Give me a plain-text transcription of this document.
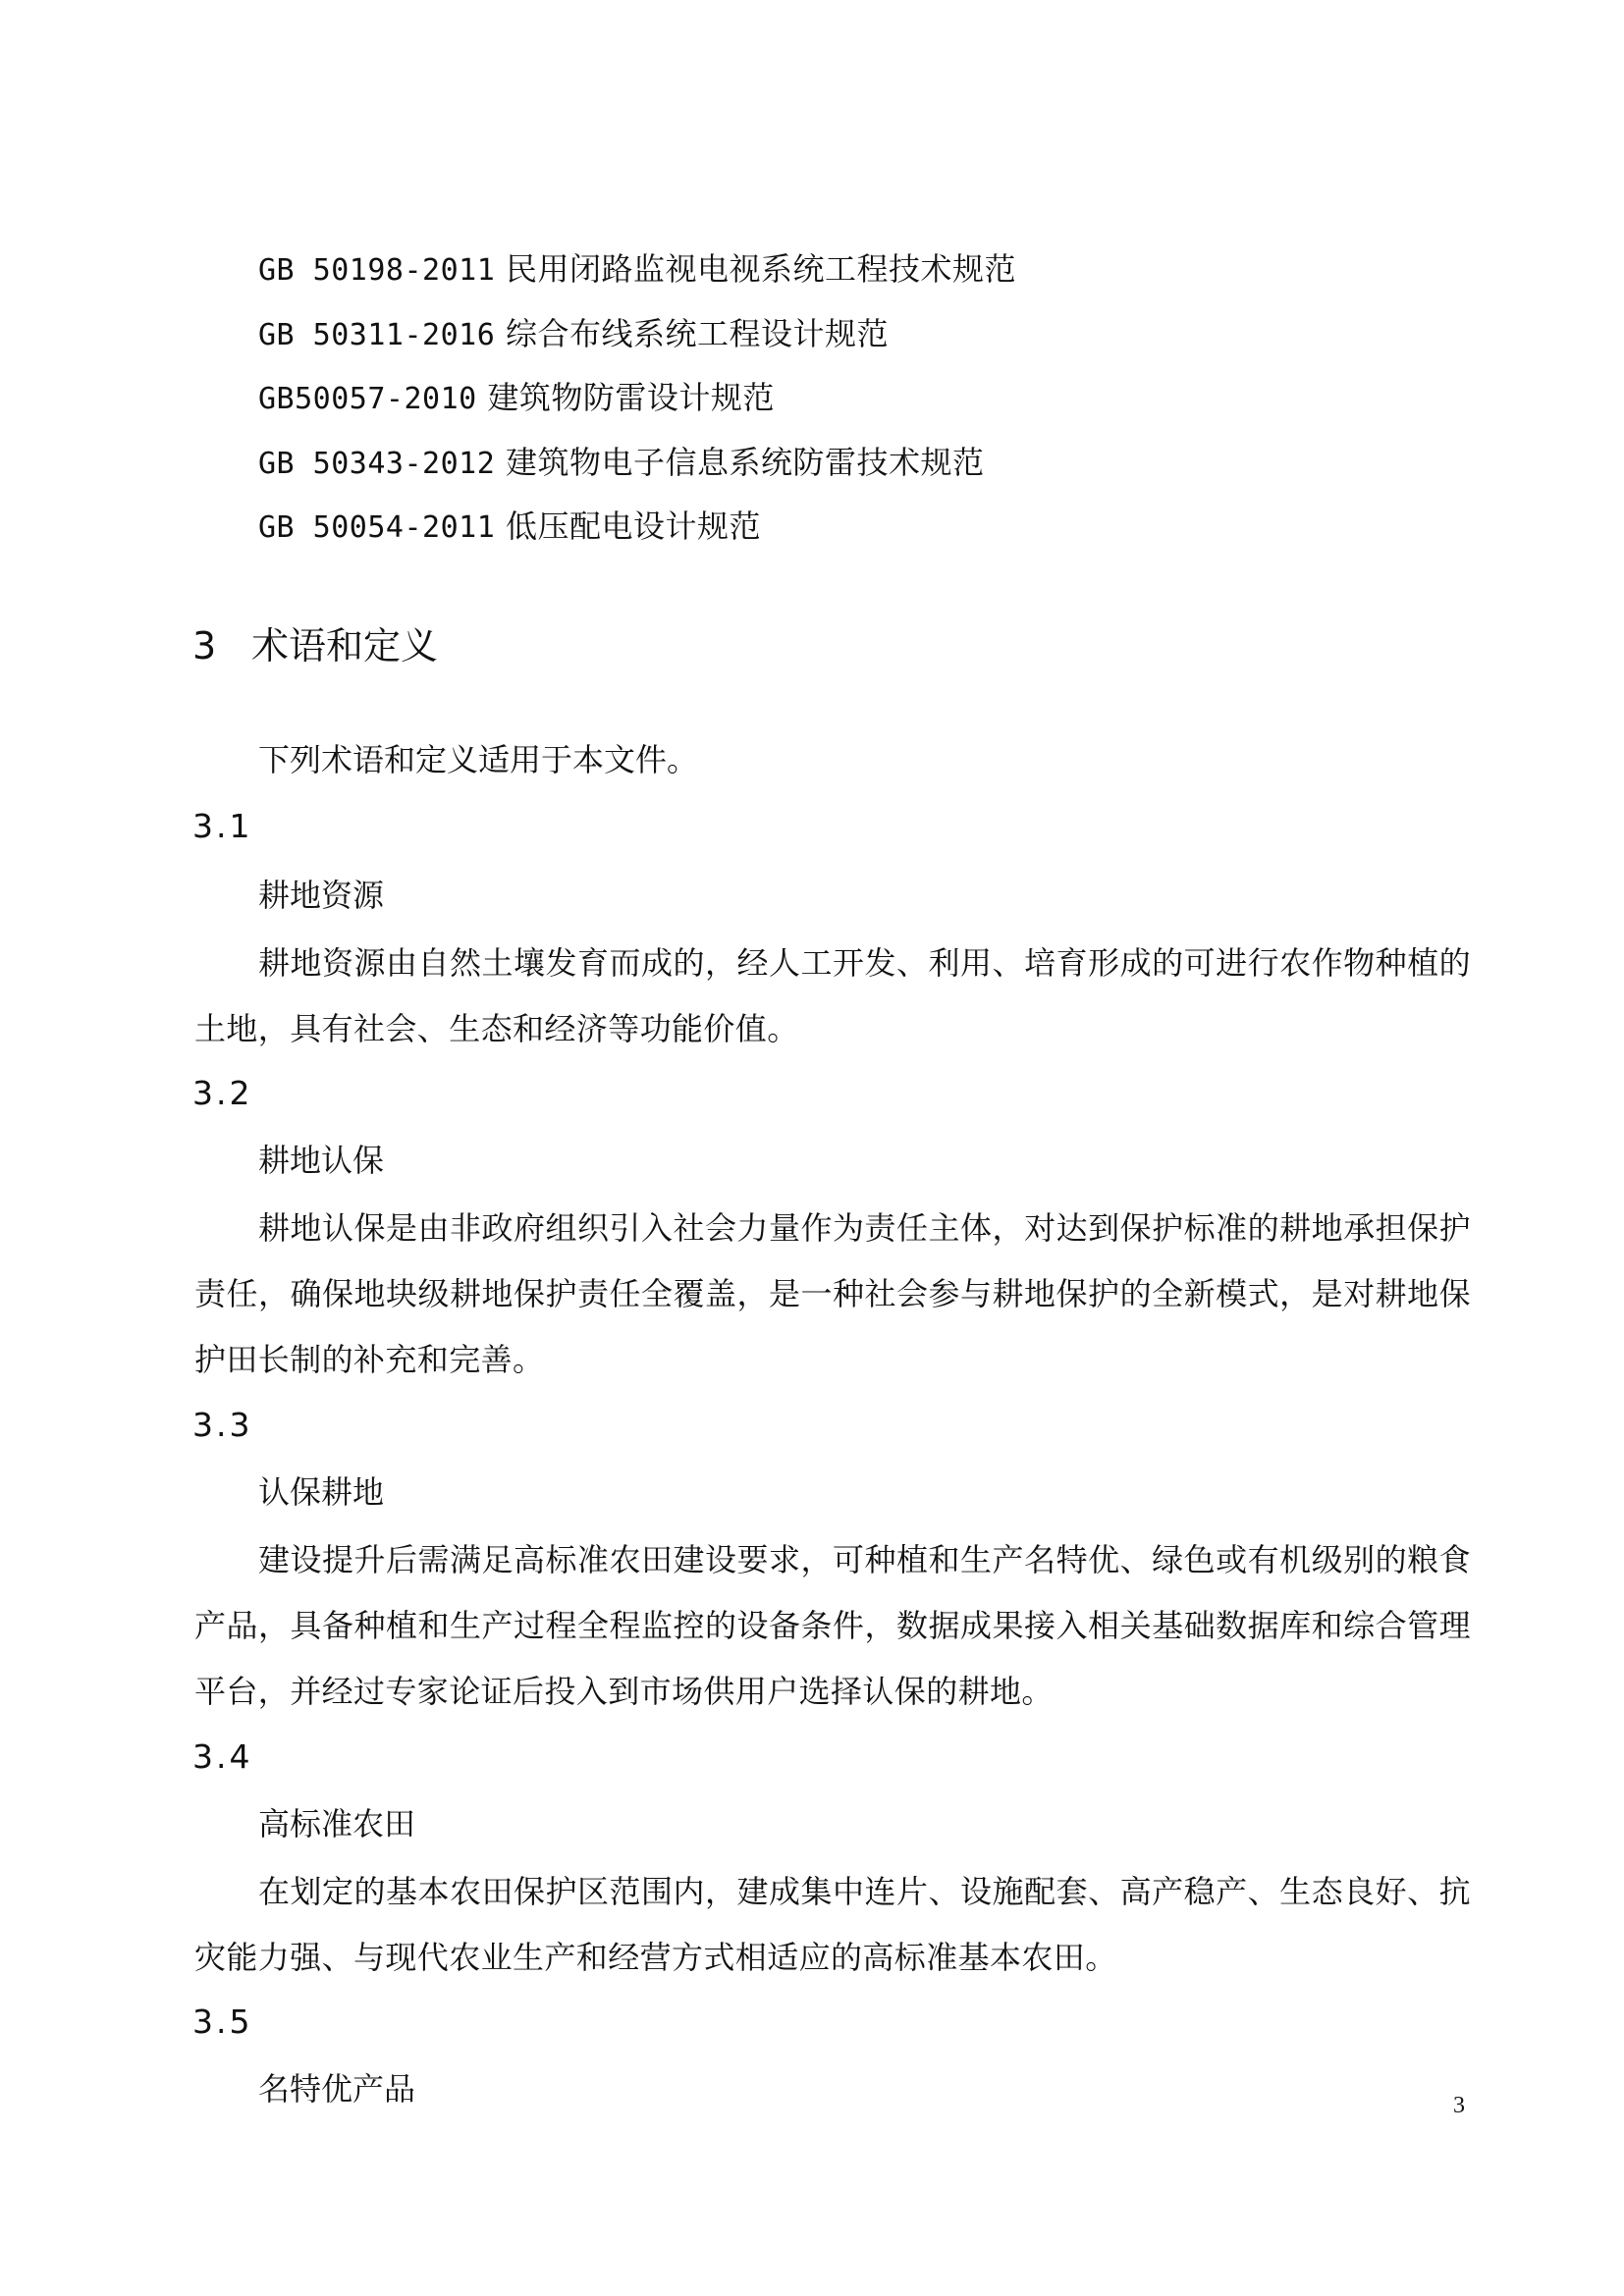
GB 50198-2011 民用闭路监视电视系统工程技术规范
GB 50311-2016 综合布线系统工程设计规范
GB50057-2010 建筑物防雷设计规范
GB 50343-2012 建筑物电子信息系统防雷技术规范
GB 50054-2011 低压配电设计规范
3 术语和定义

下列术语和定义适用于本文件。

3.1

耕地资源

耕地资源由自然土壤发育而成的，经人工开发、利用、培育形成的可进行农作物种植的土地，具有社会、生态和经济等功能价值。

3.2

耕地认保

耕地认保是由非政府组织引入社会力量作为责任主体，对达到保护标准的耕地承担保护责任，确保地块级耕地保护责任全覆盖，是一种社会参与耕地保护的全新模式，是对耕地保护田长制的补充和完善。

3.3

认保耕地

建设提升后需满足高标准农田建设要求，可种植和生产名特优、绿色或有机级别的粮食产品，具备种植和生产过程全程监控的设备条件，数据成果接入相关基础数据库和综合管理平台，并经过专家论证后投入到市场供用户选择认保的耕地。

3.4

高标准农田

在划定的基本农田保护区范围内，建成集中连片、设施配套、高产稳产、生态良好、抗灾能力强、与现代农业生产和经营方式相适应的高标准基本农田。

3.5

名特优产品	3
